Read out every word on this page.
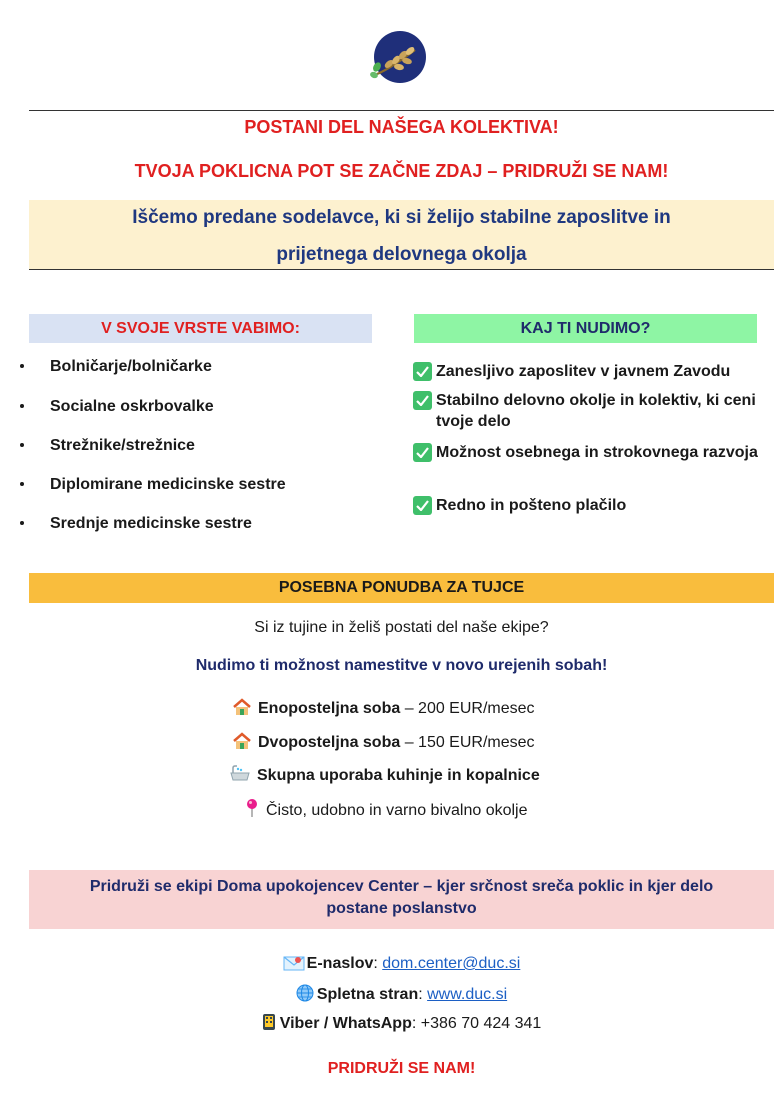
POSTANI DEL NAŠEGA KOLEKTIVA!
TVOJA POKLICNA POT SE ZAČNE ZDAJ – PRIDRUŽI SE NAM!
Iščemo predane sodelavce, ki si želijo stabilne zaposlitve in
prijetnega delovnega okolja
V SVOJE VRSTE VABIMO:
Bolničarje/bolničarke
Socialne oskrbovalke
Strežnike/strežnice
Diplomirane medicinske sestre
Srednje medicinske sestre
KAJ TI NUDIMO?
Zanesljivo zaposlitev v javnem Zavodu
Stabilno delovno okolje in kolektiv, ki ceni tvoje delo
Možnost osebnega in strokovnega razvoja
Redno in pošteno plačilo
POSEBNA PONUDBA ZA TUJCE
Si iz tujine in želiš postati del naše ekipe?
Nudimo ti možnost namestitve v novo urejenih sobah!
Enoposteljna soba – 200 EUR/mesec
Dvoposteljna soba – 150 EUR/mesec
Skupna uporaba kuhinje in kopalnice
Čisto, udobno in varno bivalno okolje
Pridruži se ekipi Doma upokojencev Center – kjer srčnost sreča poklic in kjer delo
postane poslanstvo
E-naslov: dom.center@duc.si
Spletna stran: www.duc.si
Viber / WhatsApp: +386 70 424 341
PRIDRUŽI SE NAM!
